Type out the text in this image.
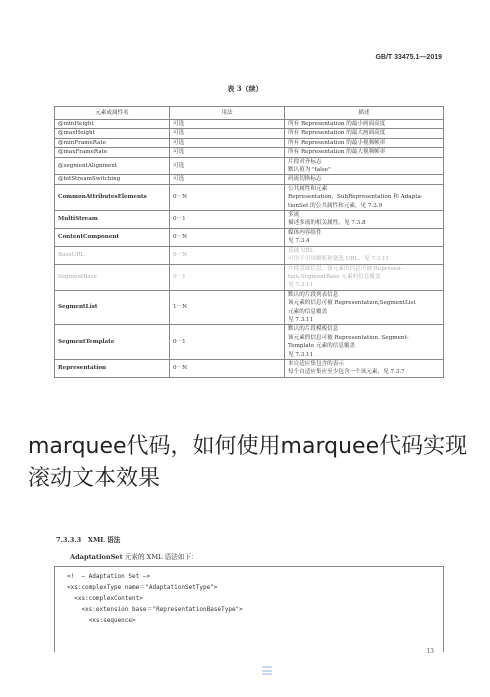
GB/T 33475.1—2019
表 3（续）
元素或属性名	用法	描述
@minHeight	可选	所有 Representation 的最小画面高度

@maxHeight	可选	所有 Representation 的最大画面高度

@minFrameRate	可选	所有 Representation 的最小视频帧率

@maxFrameRate	可选	所有 Representation 的最大视频帧率

@segmentAlignment	可选	片段对齐标志
默认值为 "false"

@bitStreamSwitching	可选	码流切换标志

CommonAttributesElements	0⋯N	公共属性和元素
Representation，SubRepresentation 和 Adapta-
tionSet 的公共属性和元素，见 7.3.9

MultiStream	0⋯1	多流
描述多流的相关属性，见 7.3.8

ContentComponent	0⋯N	媒体内容组件
见 7.3.4

BaseURL	0⋯N	基础 URL
可用于引用解析和备选 URL，见 7.3.11

SegmentBase	0⋯1	片段基础信息，该元素的信息可被 Represen-
tion,SegmentBase 元素的信息覆盖
见 7.3.11

SegmentList	1⋯N	默认的片段列表信息
该元素的信息可被 Representation,SegmentList
元素的信息覆盖
见 7.3.11

SegmentTemplate	0⋯1	默认的片段模板信息
该元素的信息可被 Representation. Segment-
Template 元素的信息覆盖
见 7.3.11

Representation	0⋯N	本自适应集包含的表示
每个自适应集应至少包含一个该元素，见 7.3.7
7.3.3.3　XML 语法
AdaptationSet 元素的 XML 语法如下：
<!  — Adaptation Set —>
<xs:complexType name＝"AdaptationSetType">
<xs:complexContent>
<xs:extension base＝"RepresentationBaseType">
<xs:sequence>
13
marquee代码，如何使用marquee代码实现滚动文本效果
